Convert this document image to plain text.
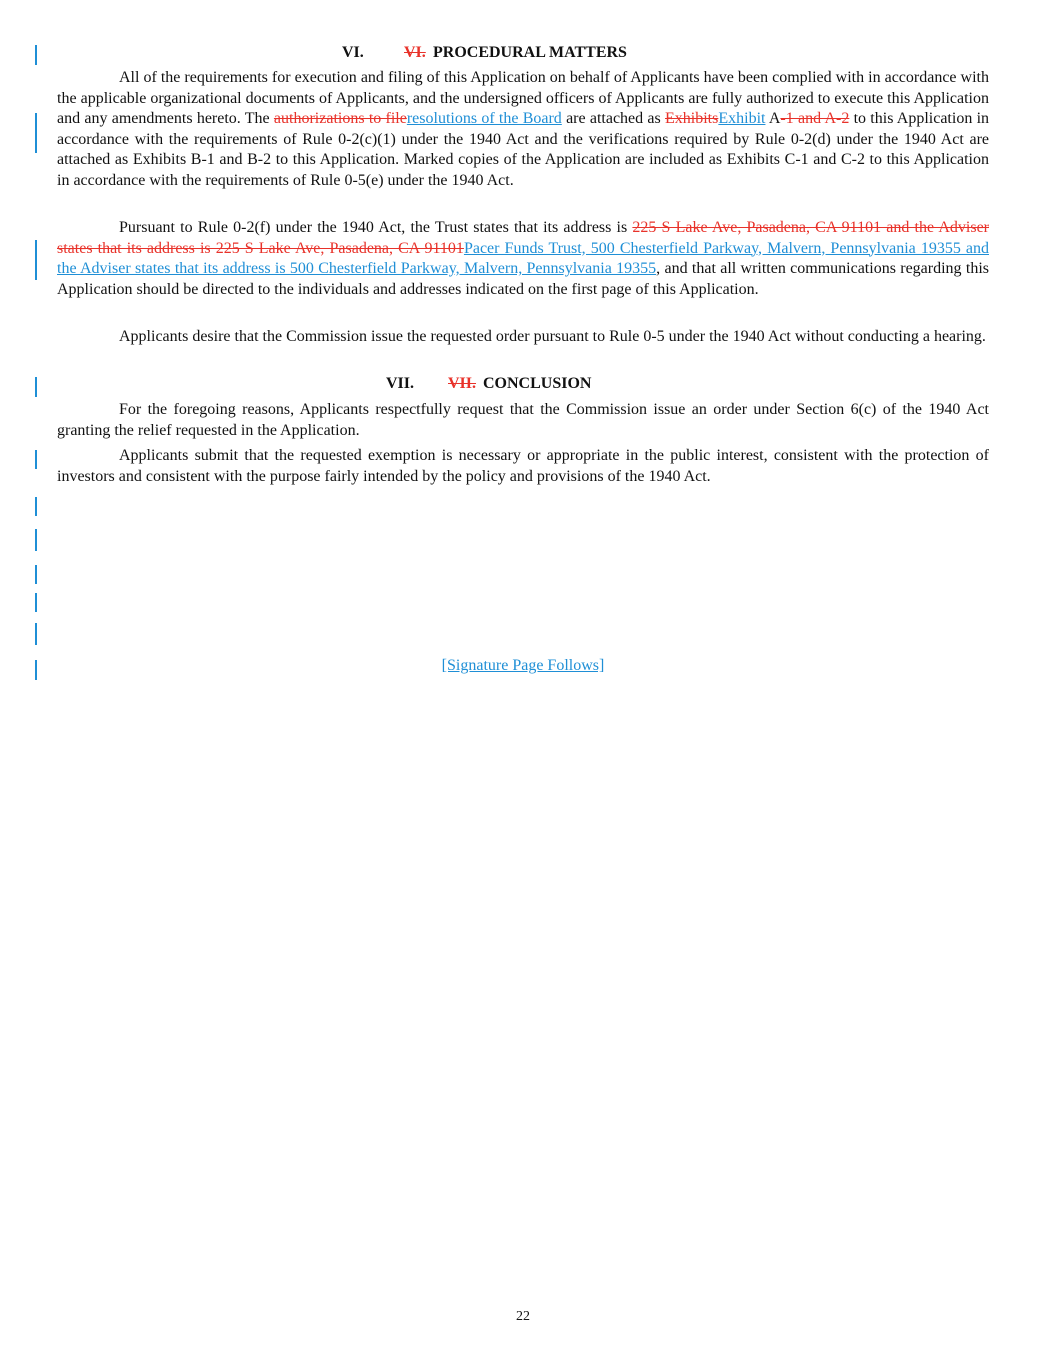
VI.	VI. PROCEDURAL MATTERS

All of the requirements for execution and filing of this Application on behalf of Applicants have been complied with in accordance with the applicable organizational documents of Applicants, and the undersigned officers of Applicants are fully authorized to execute this Application and any amendments hereto. The authorizations to fileresolutions of the Board are attached as ExhibitsExhibit A-1 and A-2 to this Application in accordance with the requirements of Rule 0-2(c)(1) under the 1940 Act and the verifications required by Rule 0-2(d) under the 1940 Act are attached as Exhibits B-1 and B-2 to this Application. Marked copies of the Application are included as Exhibits C-1 and C-2 to this Application in accordance with the requirements of Rule 0-5(e) under the 1940 Act.

Pursuant to Rule 0-2(f) under the 1940 Act, the Trust states that its address is 225 S Lake Ave, Pasadena, CA 91101 and the Adviser states that its address is 225 S Lake Ave, Pasadena, CA 91101Pacer Funds Trust, 500 Chesterfield Parkway, Malvern, Pennsylvania 19355 and the Adviser states that its address is 500 Chesterfield Parkway, Malvern, Pennsylvania 19355, and that all written communications regarding this Application should be directed to the individuals and addresses indicated on the first page of this Application.

Applicants desire that the Commission issue the requested order pursuant to Rule 0-5 under the 1940 Act without conducting a hearing.

VII. VII. CONCLUSION

For the foregoing reasons, Applicants respectfully request that the Commission issue an order under Section 6(c) of the 1940 Act granting the relief requested in the Application.

Applicants submit that the requested exemption is necessary or appropriate in the public interest, consistent with the protection of investors and consistent with the purpose fairly intended by the policy and provisions of the 1940 Act.

[Signature Page Follows]
22
